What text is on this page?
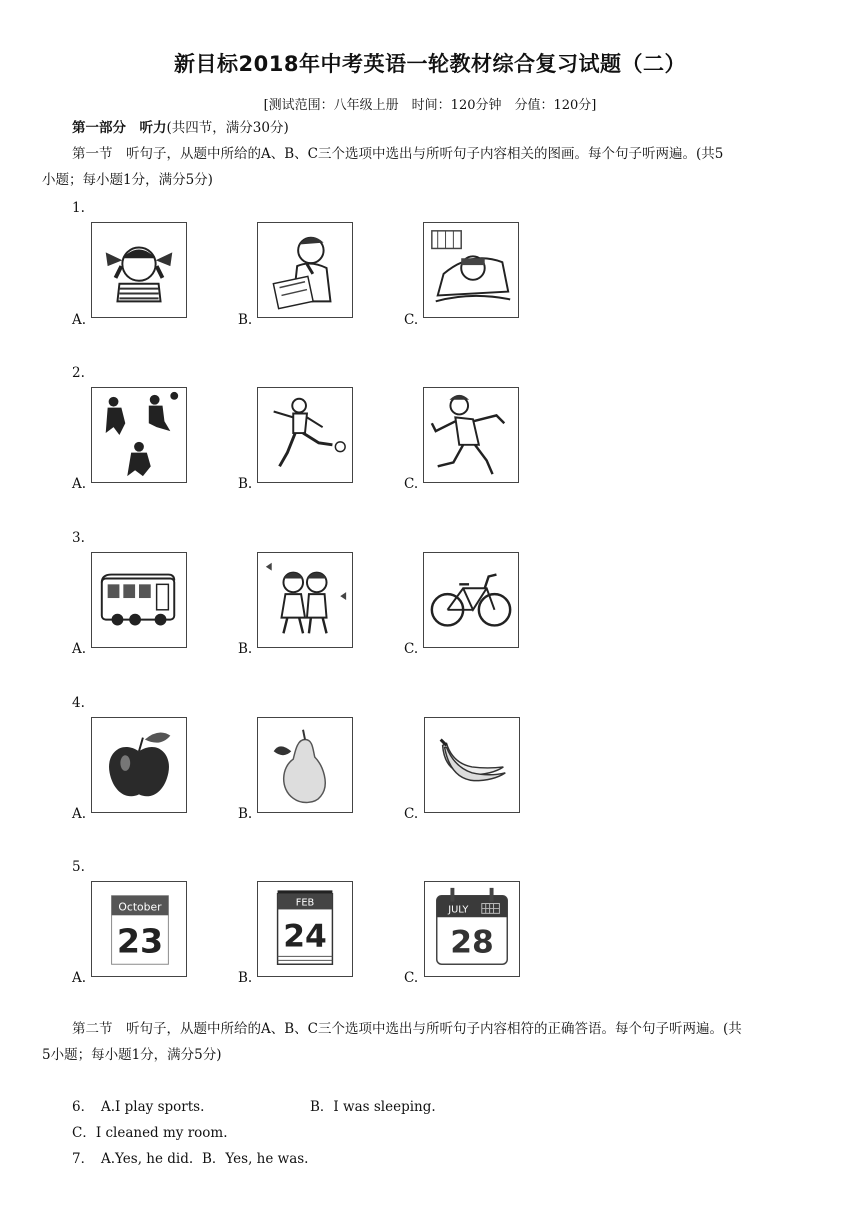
新目标2018年中考英语一轮教材综合复习试题（二）
[测试范围：八年级上册　时间：120分钟　分值：120分]
第一部分　听力(共四节，满分30分)
第一节　听句子，从题中所给的A、B、C三个选项中选出与所听句子内容相关的图画。每个句子听两遍。(共5
小题；每小题1分，满分5分)
1.
A.	B.	C.
2.
A.	B.	C.
3.
A.	B.	C.
4.
A.	B.	C.
5.
October
23
FEB
24
JULY
28
A.	B.	C.
第二节　听句子，从题中所给的A、B、C三个选项中选出与所听句子内容相符的正确答语。每个句子听两遍。(共
5小题；每小题1分，满分5分)
6． A.I play sports.	B．I was sleeping.
C．I cleaned my room.
7． A.Yes, he did. B．Yes, he was.
